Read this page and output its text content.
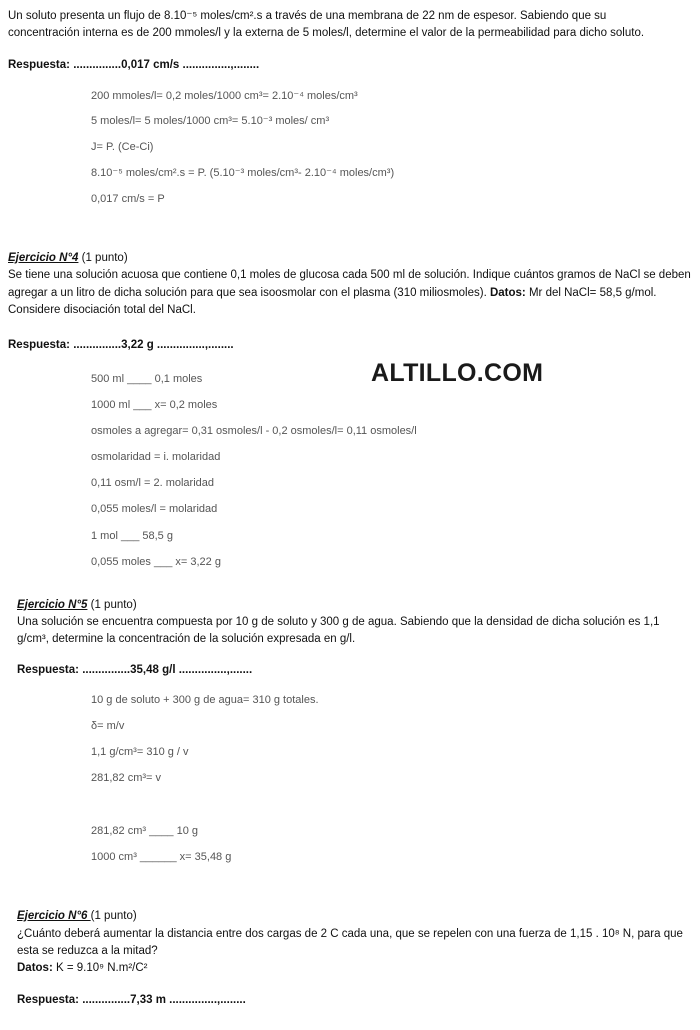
Un soluto presenta un flujo de 8.10⁻⁵ moles/cm².s a través de una membrana de 22 nm de espesor. Sabiendo que su
concentración interna es de 200 mmoles/l y la externa de 5 moles/l, determine el valor de la permeabilidad para dicho soluto.
Respuesta: ...............0,017 cm/s ...............,........
200 mmoles/l= 0,2 moles/1000 cm³= 2.10⁻⁴ moles/cm³
5 moles/l= 5 moles/1000 cm³= 5.10⁻³ moles/ cm³
J= P. (Ce-Ci)
8.10⁻⁵ moles/cm².s = P. (5.10⁻³ moles/cm³- 2.10⁻⁴ moles/cm³)
0,017 cm/s = P
Ejercicio N°4 (1 punto)
Se tiene una solución acuosa que contiene 0,1 moles de glucosa cada 500 ml de solución. Indique cuántos gramos de NaCl se deben
agregar a un litro de dicha solución para que sea isoosmolar con el plasma (310 miliosmoles). Datos: Mr del NaCl= 58,5 g/mol.
Considere disociación total del NaCl.
Respuesta: ...............3,22 g ...............,........
500 ml ____ 0,1 moles
1000 ml ___ x= 0,2 moles
osmoles a agregar= 0,31 osmoles/l - 0,2 osmoles/l= 0,11 osmoles/l
osmolaridad = i. molaridad
0,11 osm/l = 2. molaridad
0,055 moles/l = molaridad
1 mol ___ 58,5 g
0,055 moles ___ x= 3,22 g
ALTILLO.COM
Ejercicio N°5 (1 punto)
Una solución se encuentra compuesta por 10 g de soluto y 300 g de agua. Sabiendo que la densidad de dicha solución es 1,1
g/cm³, determine la concentración de la solución expresada en g/l.
Respuesta: ...............35,48 g/l ...............,.......
10 g de soluto + 300 g de agua= 310 g totales.
δ= m/v
1,1 g/cm³= 310 g / v
281,82 cm³= v
281,82 cm³ ____ 10 g
1000 cm³ ______ x= 35,48 g
Ejercicio N°6 (1 punto)
¿Cuánto deberá aumentar la distancia entre dos cargas de 2 C cada una, que se repelen con una fuerza de 1,15 . 10⁸ N, para que
esta se reduzca a la mitad?
Datos: K = 9.10⁹ N.m²/C²
Respuesta: ...............7,33 m ...............,........
